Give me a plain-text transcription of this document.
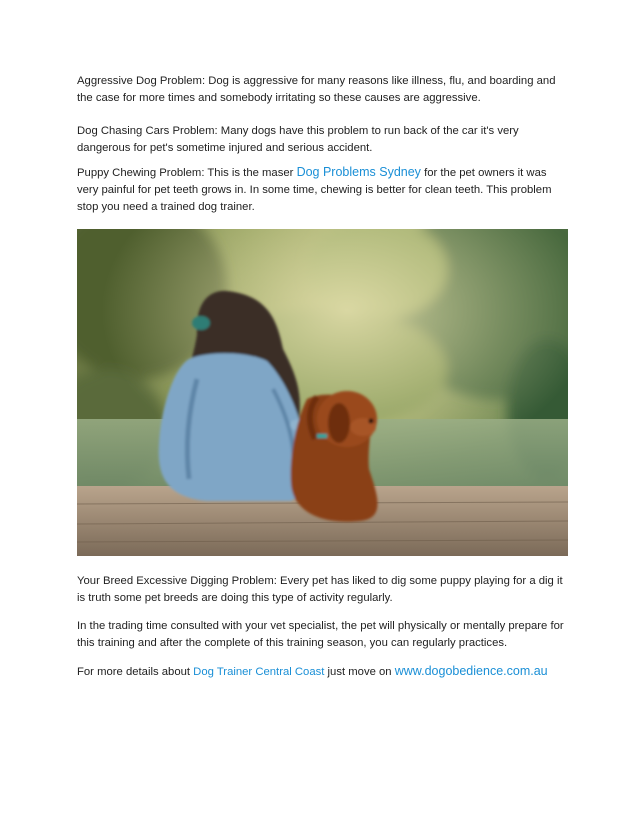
Aggressive Dog Problem: Dog is aggressive for many reasons like illness, flu, and boarding and the case for more times and somebody irritating so these causes are aggressive.

Dog Chasing Cars Problem: Many dogs have this problem to run back of the car it's very dangerous for pet's sometime injured and serious accident.

Puppy Chewing Problem: This is the maser Dog Problems Sydney for the pet owners it was very painful for pet teeth grows in. In some time, chewing is better for clean teeth. This problem stop you need a trained dog trainer.

Your Breed Excessive Digging Problem: Every pet has liked to dig some puppy playing for a dig it is truth some pet breeds are doing this type of activity regularly.

In the trading time consulted with your vet specialist, the pet will physically or mentally prepare for this training and after the complete of this training season, you can regularly practices.

For more details about Dog Trainer Central Coast just move on www.dogobedience.com.au
